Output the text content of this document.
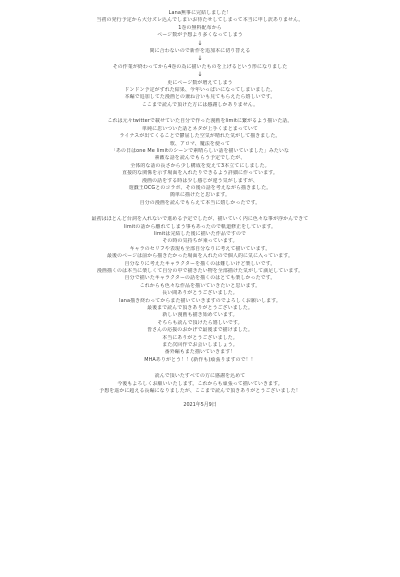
Lana無事に完結しました！
当初の発行予定から大分ズレ込んでしまいお待たせしてしまって本当に申し訳ありません。
1巻の無料配布から
ページ数が予想より多くなってしまう
↓
間に合わないので新作を追加本に切り替える
↓
その作業が終わってから4巻の為に描いたものを上げるという形になりました
↓
更にページ数が増えてしまう
ドンドン予定がずれた結果、今年いっぱいになってしまいました。
本編で追加してた漫画との兼ね合いも見てもらえたら嬉しいです。
ここまで読んで頂けた方には感謝しかありません。
これは元々twitterで載せていた自分で作った漫画をlimitに繋がるよう描いた話。
単純に思いついた話とネタが上手くまとまっていて
ライナスが出てくることで鬱屈した空気が晴れた気がして描きました。
歌、アロマ、魔法を使って
「あの日はone Me limitのシーンで素晴らしい話を描いていました」みたいな
素敵な話を読んでもらう予定でしたが、
全体的な話の長さから少し構成を変えて3本立てにしました。
直接的な関係を示す場面を入れたりできるよう詳細に作っています。
漫画の話をする時は少し感じが違う気がしますが、
遊戯王OCGとのコラボ、その後の話を考えながら描きました。
簡単に描けたと思います。
自分の漫画を読んでもらえて本当に嬉しかったです。
最初はほとんど台詞を入れないで進める予定でしたが、描いていく内に色々な事が浮かんできて
limitの話から離れてしまう事もあったので軌道修正をしています。
limitは完結した後に描いた作品ですので
その時の気持ちが乗っています。
キャラのセリフや表現も全部自分なりに考えて描いています。
最後のページは前から描きたかった場面を入れたので個人的に気に入っています。
自分なりに考えたキャラクターを描くのは難しいけど楽しいです。
漫画描くのは本当に楽しくて自分の中で描きたい物を全部描けた気がして満足しています。
自分で描いたキャラクターの話を描くのはとても楽しかったです。
これからも色々な作品を描いていきたいと思います。
長い間ありがとうございました。
lana描き終わってからまた描いていきますのでよろしくお願いします。
最後まで読んで頂きありがとうございました。
新しい漫画も描き始めています。
そちらも読んで頂けたら嬉しいです。
皆さんの応援のおかげで最後まで描けました。
本当にありがとうございました。
また次回作でお会いしましょう。
番外編もまた描いていきます！
MHAありがとう！！(新作も)頑張りますので！！
読んで頂いたすべての方に感謝を込めて
今後もよろしくお願いいたします。これからも頑張って描いていきます。
予想を遥かに超える長編になりましたが、ここまで読んで頂きありがとうございました！
2021年5月9日
